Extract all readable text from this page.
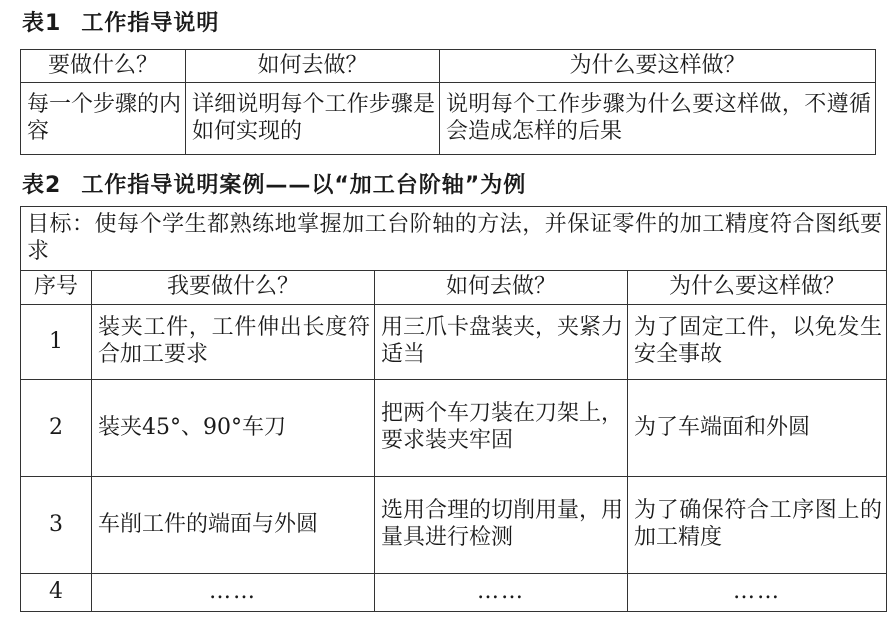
表1 工作指导说明
要做什么？	如何去做？	为什么要这样做？
每一个步骤的内容	详细说明每个工作步骤是如何实现的	说明每个工作步骤为什么要这样做，不遵循会造成怎样的后果
表2 工作指导说明案例——以“加工台阶轴”为例
目标：使每个学生都熟练地掌握加工台阶轴的方法，并保证零件的加工精度符合图纸要求			
序号	我要做什么？	如何去做？	为什么要这样做？
1	装夹工件，工件伸出长度符合加工要求	用三爪卡盘装夹，夹紧力适当	为了固定工件，以免发生安全事故
2	装夹45°、90°车刀	把两个车刀装在刀架上，要求装夹牢固	为了车端面和外圆
3	车削工件的端面与外圆	选用合理的切削用量，用量具进行检测	为了确保符合工序图上的加工精度
4	……	……	……
